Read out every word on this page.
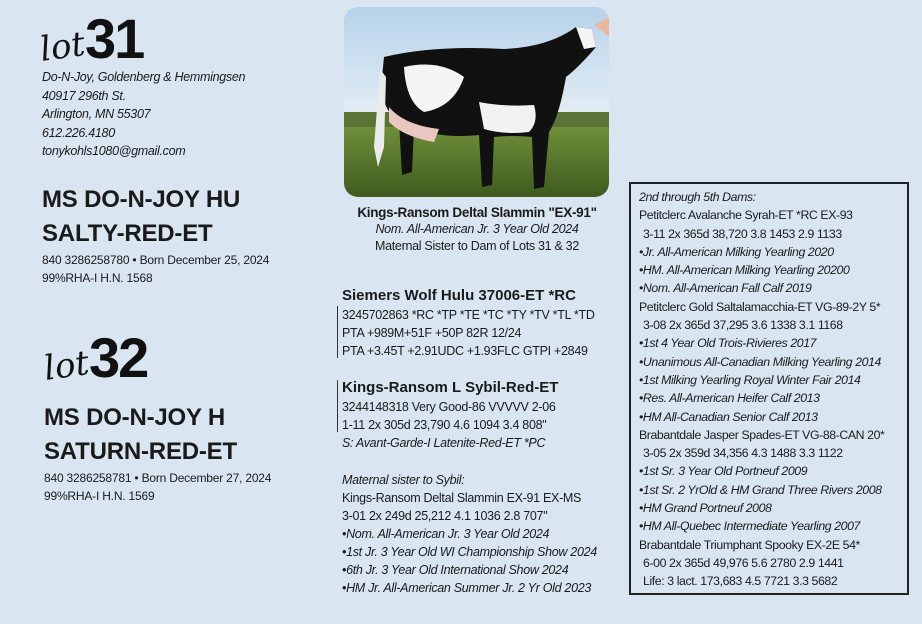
lot31
Do-N-Joy, Goldenberg & Hemmingsen
40917 296th St.
Arlington, MN 55307
612.226.4180
tonykohls1080@gmail.com
MS DO-N-JOY HU
SALTY-RED-ET
840 3286258780 • Born December 25, 2024
99%RHA-I H.N. 1568
lot32
MS DO-N-JOY H
SATURN-RED-ET
840 3286258781 • Born December 27, 2024
99%RHA-I H.N. 1569
Kings-Ransom Deltal Slammin "EX-91"
Nom. All-American Jr. 3 Year Old 2024
Maternal Sister to Dam of Lots 31 & 32
Siemers Wolf Hulu 37006-ET *RC
3245702863 *RC *TP *TE *TC *TY *TV *TL *TD
PTA +989M+51F +50P 82R 12/24
PTA +3.45T +2.91UDC +1.93FLC GTPI +2849
Kings-Ransom L Sybil-Red-ET
3244148318 Very Good-86 VVVVV 2-06
1-11 2x 305d 23,790 4.6 1094 3.4 808"
S: Avant-Garde-I Latenite-Red-ET *PC
Maternal sister to Sybil:
Kings-Ransom Deltal Slammin EX-91 EX-MS
3-01 2x 249d 25,212 4.1 1036 2.8 707"
•Nom. All-American Jr. 3 Year Old 2024
•1st Jr. 3 Year Old WI Championship Show 2024
•6th Jr. 3 Year Old International Show 2024
•HM Jr. All-American Summer Jr. 2 Yr Old 2023
2nd through 5th Dams:
Petitclerc Avalanche Syrah-ET *RC EX-93
3-11 2x 365d 38,720 3.8 1453 2.9 1133
•Jr. All-American Milking Yearling 2020
•HM. All-American Milking Yearling 20200
•Nom. All-American Fall Calf 2019
Petitclerc Gold Saltalamacchia-ET VG-89-2Y 5*
3-08 2x 365d 37,295 3.6 1338 3.1 1168
•1st 4 Year Old Trois-Rivieres 2017
•Unanimous All-Canadian Milking Yearling 2014
•1st Milking Yearling Royal Winter Fair 2014
•Res. All-American Heifer Calf 2013
•HM All-Canadian Senior Calf 2013
Brabantdale Jasper Spades-ET VG-88-CAN 20*
3-05 2x 359d 34,356 4.3 1488 3.3 1122
•1st Sr. 3 Year Old Portneuf 2009
•1st Sr. 2 YrOld & HM Grand Three Rivers 2008
•HM Grand Portneuf 2008
•HM All-Quebec Intermediate Yearling 2007
Brabantdale Triumphant Spooky EX-2E 54*
6-00 2x 365d 49,976 5.6 2780 2.9 1441
Life: 3 lact. 173,683 4.5 7721 3.3 5682
